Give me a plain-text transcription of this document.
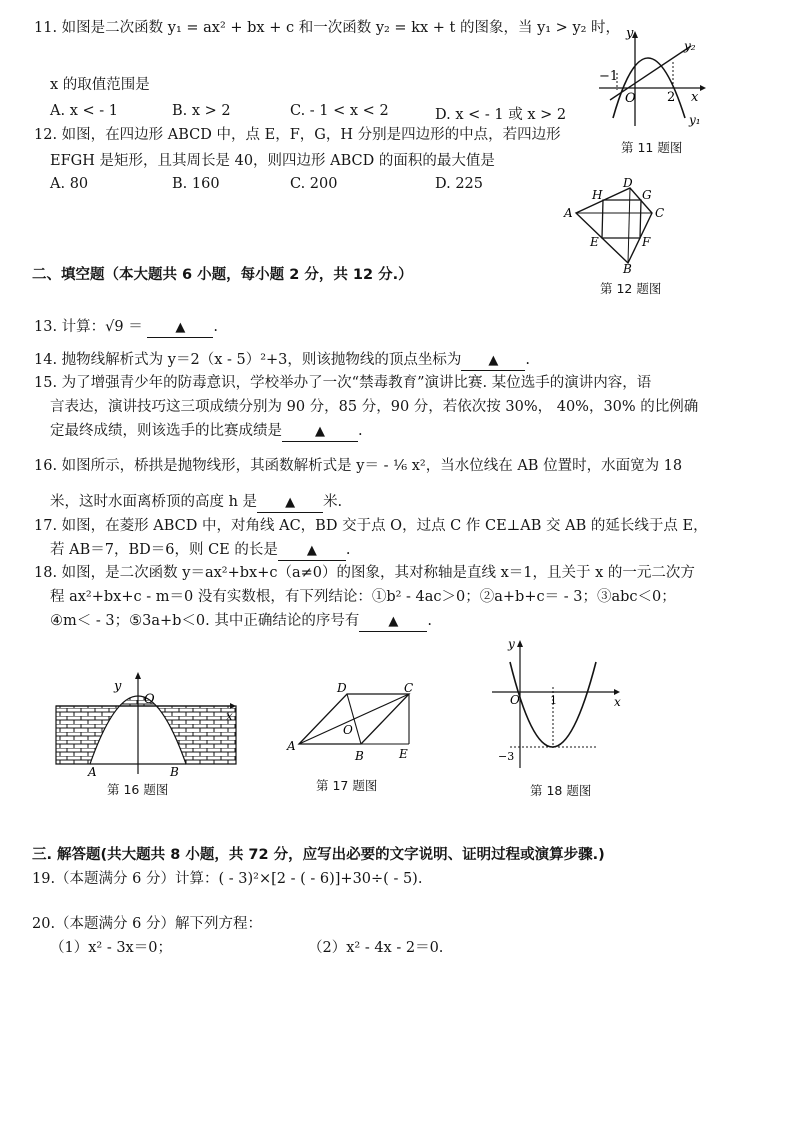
11. 如图是二次函数 y₁ = ax² + bx + c 和一次函数 y₂ = kx + t 的图象，当 y₁ > y₂ 时，
x 的取值范围是
A. x < - 1	B. x > 2	C. - 1 < x < 2	D. x < - 1 或 x > 2
y
x
y₂
y₁
−1
2
O
第 11 题图
12. 如图，在四边形 ABCD 中，点 E，F，G，H 分别是四边形的中点，若四边形
EFGH 是矩形，且其周长是 40，则四边形 ABCD 的面积的最大值是
A. 80	B. 160	C. 200	D. 225
A
D
C
B
H	G
E	F
第 12 题图
二、填空题（本大题共 6 小题，每小题 2 分，共 12 分.）
13. 计算：√9 ＝	▲ .
14. 抛物线解析式为 y＝2（x - 5）²+3，则该抛物线的顶点坐标为 ▲ .
15. 为了增强青少年的防毒意识，学校举办了一次“禁毒教育”演讲比赛. 某位选手的演讲内容，语
言表达，演讲技巧这三项成绩分别为 90 分，85 分，90 分，若依次按 30%， 40%，30% 的比例确
定最终成绩，则该选手的比赛成绩是	▲ .
16. 如图所示，桥拱是抛物线形，其函数解析式是 y＝ - ¹⁄₆ x²，当水位线在 AB 位置时，水面宽为 18
米，这时水面离桥顶的高度 h 是 ▲ 米.
17. 如图，在菱形 ABCD 中，对角线 AC，BD 交于点 O，过点 C 作 CE⊥AB 交 AB 的延长线于点 E，
若 AB＝7，BD＝6，则 CE 的长是 ▲ .
18. 如图，是二次函数 y＝ax²+bx+c（a≠0）的图象，其对称轴是直线 x＝1，且关于 x 的一元二次方
程 ax²+bx+c - m＝0 没有实数根，有下列结论：①b² - 4ac＞0；②a+b+c＝ - 3；③abc＜0；
④m＜ - 3；⑤3a+b＜0. 其中正确结论的序号有 ▲ .
y
O
x
A	B
第 16 题图
A
D	C
B	E
O
第 17 题图
y
x
O	1
−3
第 18 题图
三. 解答题(共大题共 8 小题，共 72 分，应写出必要的文字说明、证明过程或演算步骤.)
19.（本题满分 6 分）计算：( - 3)²×[2 - ( - 6)]+30÷( - 5).
20.（本题满分 6 分）解下列方程：
（1）x² - 3x＝0；	（2）x² - 4x - 2＝0.
